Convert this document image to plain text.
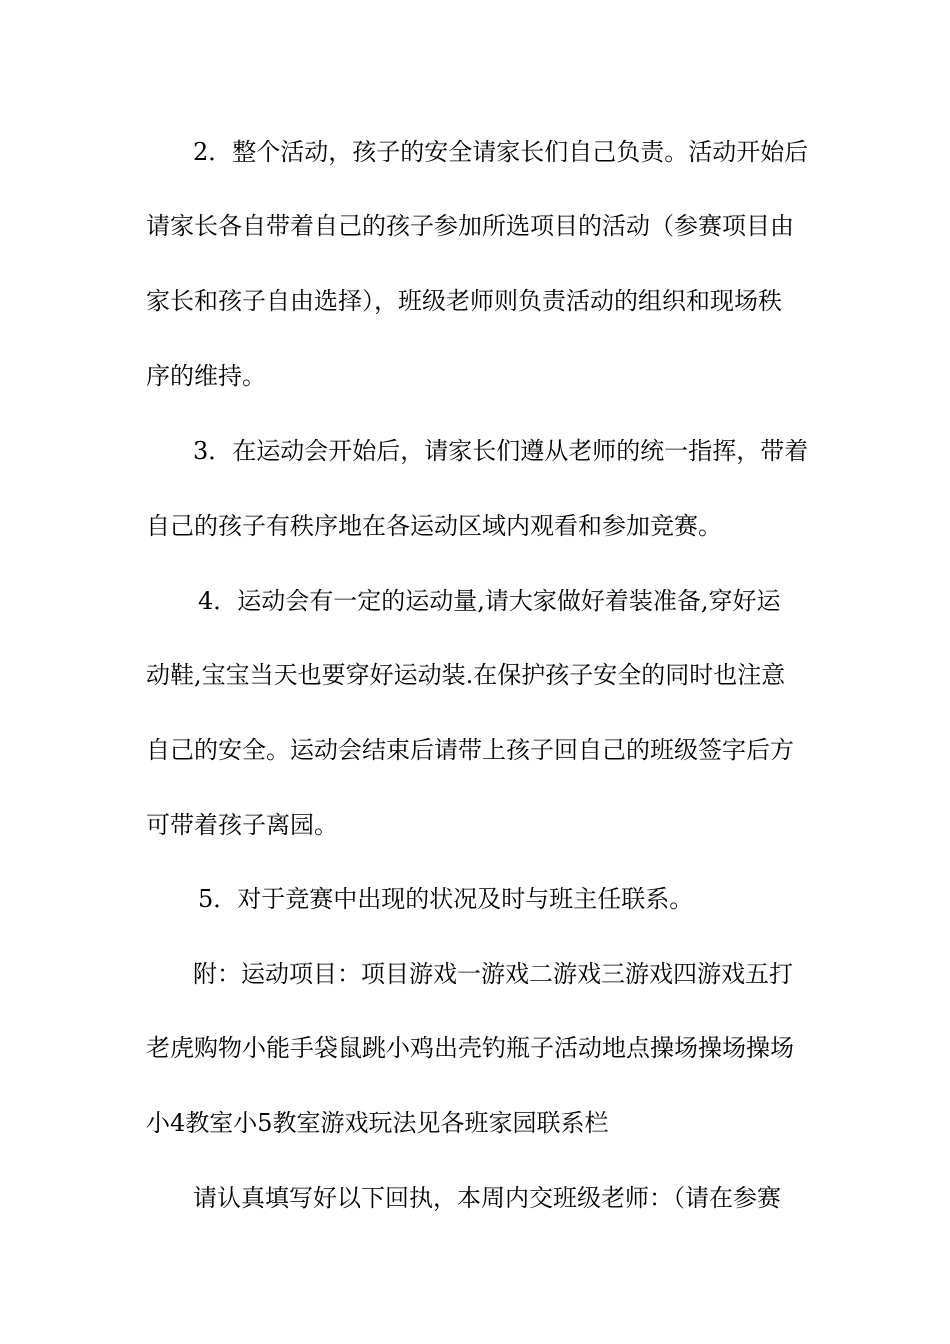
2．整个活动，孩子的安全请家长们自己负责。活动开始后
请家长各自带着自己的孩子参加所选项目的活动（参赛项目由
家长和孩子自由选择），班级老师则负责活动的组织和现场秩
序的维持。
3．在运动会开始后，请家长们遵从老师的统一指挥，带着
自己的孩子有秩序地在各运动区域内观看和参加竞赛。
4．运动会有一定的运动量,请大家做好着装准备,穿好运
动鞋,宝宝当天也要穿好运动装.在保护孩子安全的同时也注意
自己的安全。运动会结束后请带上孩子回自己的班级签字后方
可带着孩子离园。
5．对于竞赛中出现的状况及时与班主任联系。
附：运动项目：项目游戏一游戏二游戏三游戏四游戏五打
老虎购物小能手袋鼠跳小鸡出壳钓瓶子活动地点操场操场操场
小4教室小5教室游戏玩法见各班家园联系栏
请认真填写好以下回执，本周内交班级老师：（请在参赛
